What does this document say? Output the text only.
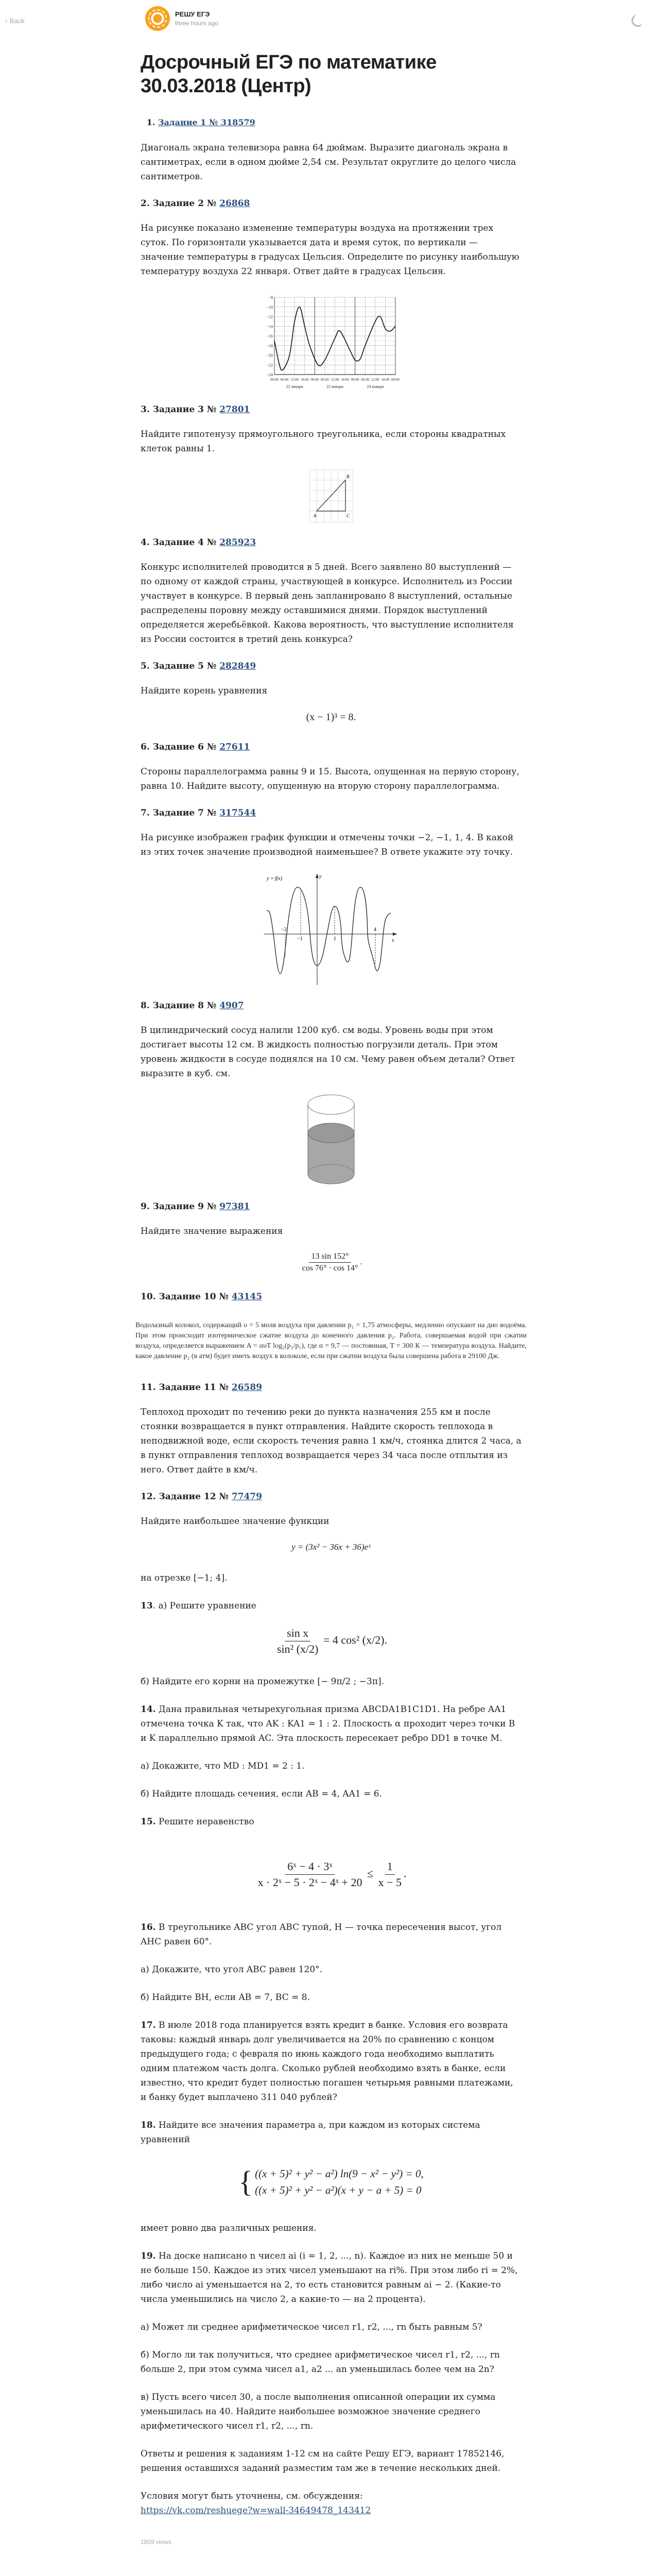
‹ Back
РЕШУ ЕГЭ
three hours ago
Досрочный ЕГЭ по математике 30.03.2018 (Центр)
1. Задание 1 № 318579

Диагональ экрана телевизора равна 64 дюймам. Выразите диагональ экрана в сантиметрах, если в одном дюйме 2,54 см. Результат округлите до целого числа сантиметров.

2. Задание 2 № 26868

На рисунке показано изменение температуры воздуха на протяжении трех суток. По горизонтали указывается дата и время суток, по вертикали — значение температуры в градусах Цельсия. Определите по рисунку наибольшую температуру воздуха 22 января. Ответ дайте в градусах Цельсия.

−8
−10
−12
−14
−16
−18
−20
−22
−24
00:00 06:00 12:00 18:00 00:00 06:00 12:00 18:00 00:00 06:00 12:00 18:00 00:00
22 января	23 января	24 января
3. Задание 3 № 27801

Найдите гипотенузу прямоугольного треугольника, если стороны квадратных клеток равны 1.

A
B
C
4. Задание 4 № 285923

Конкурс исполнителей проводится в 5 дней. Всего заявлено 80 выступлений — по одному от каждой страны, участвующей в конкурсе. Исполнитель из России участвует в конкурсе. В первый день запланировано 8 выступлений, остальные распределены поровну между оставшимися днями. Порядок выступлений определяется жеребьёвкой. Какова вероятность, что выступление исполнителя из России состоится в третий день конкурса?

5. Задание 5 № 282849

Найдите корень уравнения

(x − 1)³ = 8.
6. Задание 6 № 27611

Стороны параллелограмма равны 9 и 15. Высота, опущенная на первую сторону, равна 10. Найдите высоту, опущенную на вторую сторону параллелограмма.

7. Задание 7 № 317544

На рисунке изображен график функции и отмечены точки −2, −1, 1, 4. В какой из этих точек значение производной наименьшее? В ответе укажите эту точку.

y = f(x)	y
x
−2
−1	1
4
8. Задание 8 № 4907

В цилиндрический сосуд налили 1200 куб. см воды. Уровень воды при этом достигает высоты 12 см. В жидкость полностью погрузили деталь. При этом уровень жидкости в сосуде поднялся на 10 см. Чему равен объем детали? Ответ выразите в куб. см.

9. Задание 9 № 97381

Найдите значение выражения

$\frac{13 \sin 152^\circ}{\cos 76^\circ \cdot \cos 14^\circ}$ .
10. Задание 10 № 43145
Водолазный колокол, содержащий υ = 5 моля воздуха при давлении p₁ = 1,75 атмосферы, медленно опускают на дно водоёма. При этом происходит изотермическое сжатие воздуха до конечного давления p₂. Работа, совершаемая водой при сжатии воздуха, определяется выражением A = αυT log₂(p₂/p₁), где α = 9,7 — постоянная, T = 300 К — температура воздуха. Найдите, какое давление p₂ (в атм) будет иметь воздух в колоколе, если при сжатии воздуха была совершена работа в 29100 Дж.
11. Задание 11 № 26589

Теплоход проходит по течению реки до пункта назначения 255 км и после стоянки возвращается в пункт отправления. Найдите скорость теплохода в неподвижной воде, если скорость течения равна 1 км/ч, стоянка длится 2 часа, а в пункт отправления теплоход возвращается через 34 часа после отплытия из него. Ответ дайте в км/ч.

12. Задание 12 № 77479

Найдите наибольшее значение функции

y = (3x² − 36x + 36)eˣ

на отрезке [−1; 4].

13. а) Решите уравнение

$\frac{\text{sin x}}{\text{sin² (x/2)}} = 4$ cos² (x/2).

б) Найдите его корни на промежутке [− 9π/2 ; −3π].

14. Дана правильная четырехугольная призма ABCDA1B1C1D1. На ребре AA1 отмечена точка K так, что AK : KA1 = 1 : 2. Плоскость α проходит через точки B и K параллельно прямой AC. Эта плоскость пересекает ребро DD1 в точке M.

а) Докажите, что MD : MD1 = 2 : 1.

б) Найдите площадь сечения, если AB = 4, AA1 = 6.

15. Решите неравенство

$\frac{\text{6ˣ − 4 · 3ˣ}}{\text{x · 2ˣ − 5 · 2ˣ − 4ˣ + 20}} \le \frac{1}{x - 5}$ .

16. В треугольнике ABC угол ABC тупой, H — точка пересечения высот, угол AHC равен 60°.

а) Докажите, что угол ABC равен 120°.

б) Найдите BH, если AB = 7, BC = 8.

17. В июле 2018 года планируется взять кредит в банке. Условия его возврата таковы: каждый январь долг увеличивается на 20% по сравнению с концом предыдущего года; с февраля по июнь каждого года необходимо выплатить одним платежом часть долга. Сколько рублей необходимо взять в банке, если известно, что кредит будет полностью погашен четырьмя равными платежами, и банку будет выплачено 311 040 рублей?

18. Найдите все значения параметра a, при каждом из которых система уравнений

{ ((x + 5)² + y² − a²) ln(9 − x² − y²) = 0,
((x + 5)² + y² − a²)(x + y − a + 5) = 0

имеет ровно два различных решения.

19. На доске написано n чисел ai (i = 1, 2, ..., n). Каждое из них не меньше 50 и не больше 150. Каждое из этих чисел уменьшают на ri%. При этом либо ri = 2%, либо число ai уменьшается на 2, то есть становится равным ai − 2. (Какие-то числа уменьшились на число 2, а какие-то — на 2 процента).

а) Может ли среднее арифметическое чисел r1, r2, ..., rn быть равным 5?

б) Могло ли так получиться, что среднее арифметическое чисел r1, r2, ..., rn больше 2, при этом сумма чисел a1, a2 ... an уменьшилась более чем на 2n?

в) Пусть всего чисел 30, а после выполнения описанной операции их сумма уменьшилась на 40. Найдите наибольшее возможное значение среднего арифметического чисел r1, r2, ..., rn.

Ответы и решения к заданиям 1-12 см на сайте Решу ЕГЭ, вариант 17852146, решения оставшихся заданий разместим там же в течение нескольких дней.

Условия могут быть уточнены, см. обсуждения:
https://vk.com/reshuege?w=wall-34649478_143412

1809 views
